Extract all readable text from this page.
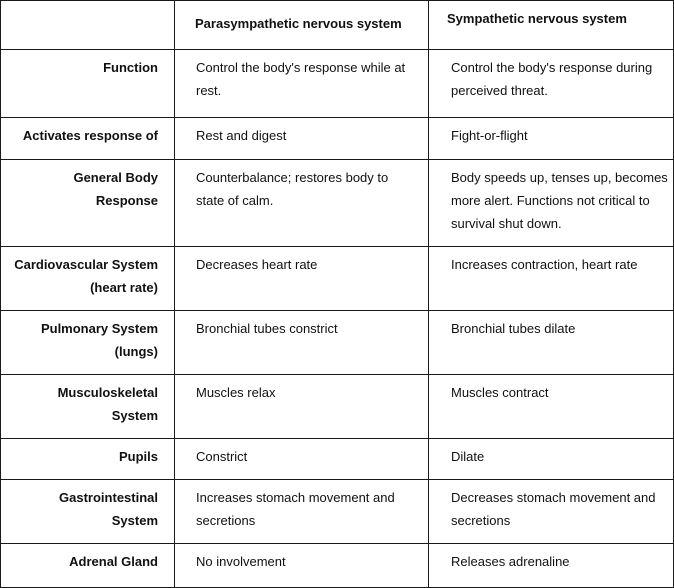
	Parasympathetic nervous system	Sympathetic nervous system
Function	Control the body's response while at rest.	Control the body's response during perceived threat.
Activates response of	Rest and digest	Fight-or-flight
General Body Response	Counterbalance; restores body to state of calm.	Body speeds up, tenses up, becomes more alert. Functions not critical to survival shut down.
Cardiovascular System (heart rate)	Decreases heart rate	Increases contraction, heart rate
Pulmonary System (lungs)	Bronchial tubes constrict	Bronchial tubes dilate
Musculoskeletal System	Muscles relax	Muscles contract
Pupils	Constrict	Dilate
Gastrointestinal System	Increases stomach movement and secretions	Decreases stomach movement and secretions
Adrenal Gland	No involvement	Releases adrenaline
